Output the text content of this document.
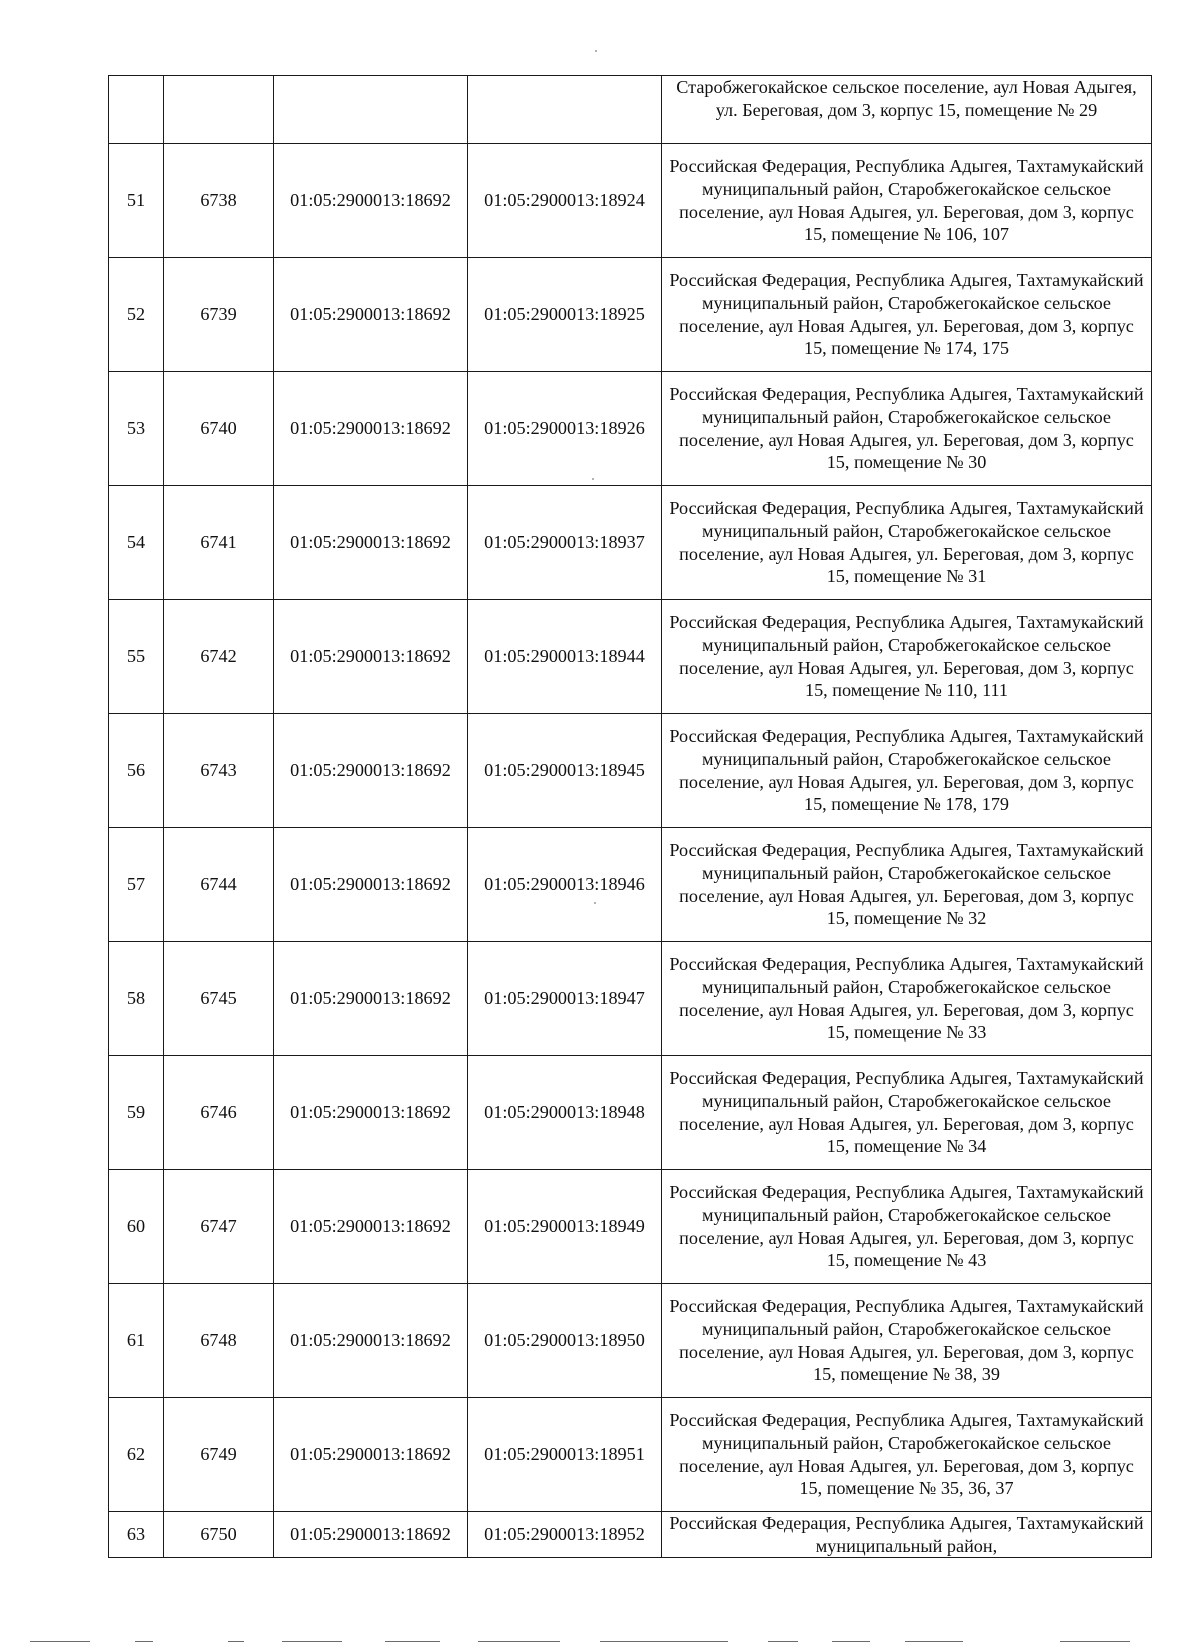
				Старобжегокайское сельское поселение, аул Новая Адыгея, ул. Береговая, дом 3, корпус 15, помещение № 29
51	6738	01:05:2900013:18692	01:05:2900013:18924	Российская Федерация, Республика Адыгея, Тахтамукайский муниципальный район, Старобжегокайское сельское поселение, аул Новая Адыгея, ул. Береговая, дом 3, корпус 15, помещение № 106, 107
52	6739	01:05:2900013:18692	01:05:2900013:18925	Российская Федерация, Республика Адыгея, Тахтамукайский муниципальный район, Старобжегокайское сельское поселение, аул Новая Адыгея, ул. Береговая, дом 3, корпус 15, помещение № 174, 175
53	6740	01:05:2900013:18692	01:05:2900013:18926	Российская Федерация, Республика Адыгея, Тахтамукайский муниципальный район, Старобжегокайское сельское поселение, аул Новая Адыгея, ул. Береговая, дом 3, корпус 15, помещение № 30
54	6741	01:05:2900013:18692	01:05:2900013:18937	Российская Федерация, Республика Адыгея, Тахтамукайский муниципальный район, Старобжегокайское сельское поселение, аул Новая Адыгея, ул. Береговая, дом 3, корпус 15, помещение № 31
55	6742	01:05:2900013:18692	01:05:2900013:18944	Российская Федерация, Республика Адыгея, Тахтамукайский муниципальный район, Старобжегокайское сельское поселение, аул Новая Адыгея, ул. Береговая, дом 3, корпус 15, помещение № 110, 111
56	6743	01:05:2900013:18692	01:05:2900013:18945	Российская Федерация, Республика Адыгея, Тахтамукайский муниципальный район, Старобжегокайское сельское поселение, аул Новая Адыгея, ул. Береговая, дом 3, корпус 15, помещение № 178, 179
57	6744	01:05:2900013:18692	01:05:2900013:18946	Российская Федерация, Республика Адыгея, Тахтамукайский муниципальный район, Старобжегокайское сельское поселение, аул Новая Адыгея, ул. Береговая, дом 3, корпус 15, помещение № 32
58	6745	01:05:2900013:18692	01:05:2900013:18947	Российская Федерация, Республика Адыгея, Тахтамукайский муниципальный район, Старобжегокайское сельское поселение, аул Новая Адыгея, ул. Береговая, дом 3, корпус 15, помещение № 33
59	6746	01:05:2900013:18692	01:05:2900013:18948	Российская Федерация, Республика Адыгея, Тахтамукайский муниципальный район, Старобжегокайское сельское поселение, аул Новая Адыгея, ул. Береговая, дом 3, корпус 15, помещение № 34
60	6747	01:05:2900013:18692	01:05:2900013:18949	Российская Федерация, Республика Адыгея, Тахтамукайский муниципальный район, Старобжегокайское сельское поселение, аул Новая Адыгея, ул. Береговая, дом 3, корпус 15, помещение № 43
61	6748	01:05:2900013:18692	01:05:2900013:18950	Российская Федерация, Республика Адыгея, Тахтамукайский муниципальный район, Старобжегокайское сельское поселение, аул Новая Адыгея, ул. Береговая, дом 3, корпус 15, помещение № 38, 39
62	6749	01:05:2900013:18692	01:05:2900013:18951	Российская Федерация, Республика Адыгея, Тахтамукайский муниципальный район, Старобжегокайское сельское поселение, аул Новая Адыгея, ул. Береговая, дом 3, корпус 15, помещение № 35, 36, 37
63	6750	01:05:2900013:18692	01:05:2900013:18952	Российская Федерация, Республика Адыгея, Тахтамукайский муниципальный район,
